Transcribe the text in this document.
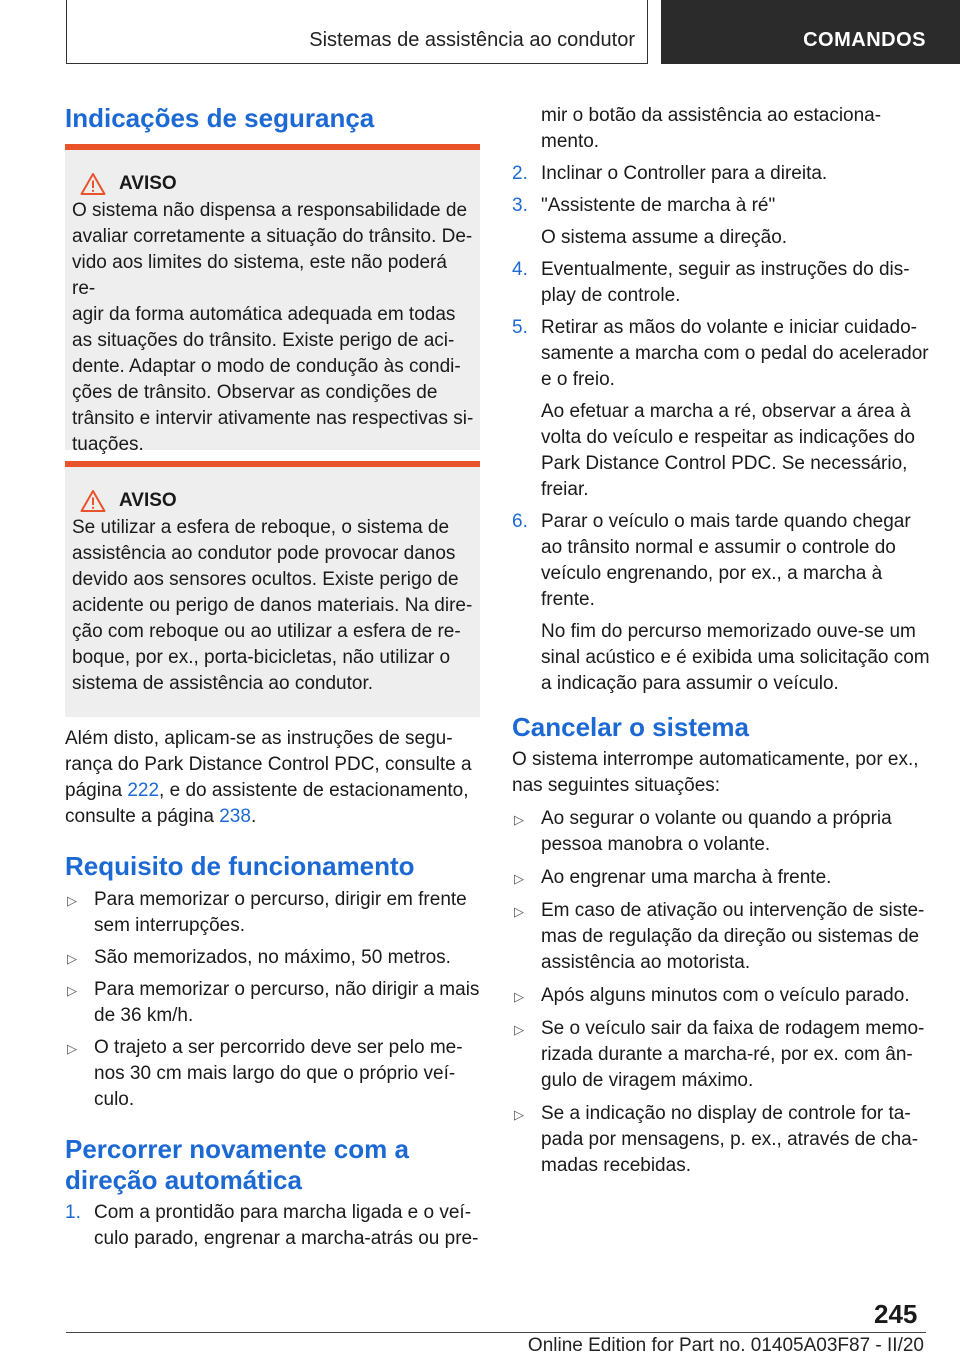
Sistemas de assistência ao condutor	COMANDOS
Indicações de segurança
AVISO

O sistema não dispensa a responsabilidade de

avaliar corretamente a situação do trânsito. De-

vido aos limites do sistema, este não poderá re-

agir da forma automática adequada em todas

as situações do trânsito. Existe perigo de aci-

dente. Adaptar o modo de condução às condi-

ções de trânsito. Observar as condições de

trânsito e intervir ativamente nas respectivas si-

tuações.

AVISO

Se utilizar a esfera de reboque, o sistema de

assistência ao condutor pode provocar danos

devido aos sensores ocultos. Existe perigo de

acidente ou perigo de danos materiais. Na dire-

ção com reboque ou ao utilizar a esfera de re-

boque, por ex., porta-bicicletas, não utilizar o

sistema de assistência ao condutor.

Além disto, aplicam-se as instruções de segu-

rança do Park Distance Control PDC, consulte a

página 222, e do assistente de estacionamento,

consulte a página 238.

Requisito de funcionamento
▷ Para memorizar o percurso, dirigir em frente
sem interrupções.
▷ São memorizados, no máximo, 50 metros.
▷ Para memorizar o percurso, não dirigir a mais
de 36 km/h.
▷ O trajeto a ser percorrido deve ser pelo me-
nos 30 cm mais largo do que o próprio veí-
culo.
Percorrer novamente com a
direção automática
1. Com a prontidão para marcha ligada e o veí-
culo parado, engrenar a marcha-atrás ou pre-
mir o botão da assistência ao estaciona-
mento.
2. Inclinar o Controller para a direita.
3. "Assistente de marcha à ré"
O sistema assume a direção.
4. Eventualmente, seguir as instruções do dis-
play de controle.
5. Retirar as mãos do volante e iniciar cuidado-
samente a marcha com o pedal do acelerador
e o freio.
Ao efetuar a marcha a ré, observar a área à
volta do veículo e respeitar as indicações do
Park Distance Control PDC. Se necessário,
freiar.
6. Parar o veículo o mais tarde quando chegar
ao trânsito normal e assumir o controle do
veículo engrenando, por ex., a marcha à
frente.
No fim do percurso memorizado ouve-se um
sinal acústico e é exibida uma solicitação com
a indicação para assumir o veículo.
Cancelar o sistema

O sistema interrompe automaticamente, por ex.,

nas seguintes situações:

▷ Ao segurar o volante ou quando a própria
pessoa manobra o volante.
▷ Ao engrenar uma marcha à frente.
▷ Em caso de ativação ou intervenção de siste-
mas de regulação da direção ou sistemas de
assistência ao motorista.
▷ Após alguns minutos com o veículo parado.
▷ Se o veículo sair da faixa de rodagem memo-
rizada durante a marcha-ré, por ex. com ân-
gulo de viragem máximo.
▷ Se a indicação no display de controle for ta-
pada por mensagens, p. ex., através de cha-
madas recebidas.
245
Online Edition for Part no. 01405A03F87 - II/20
